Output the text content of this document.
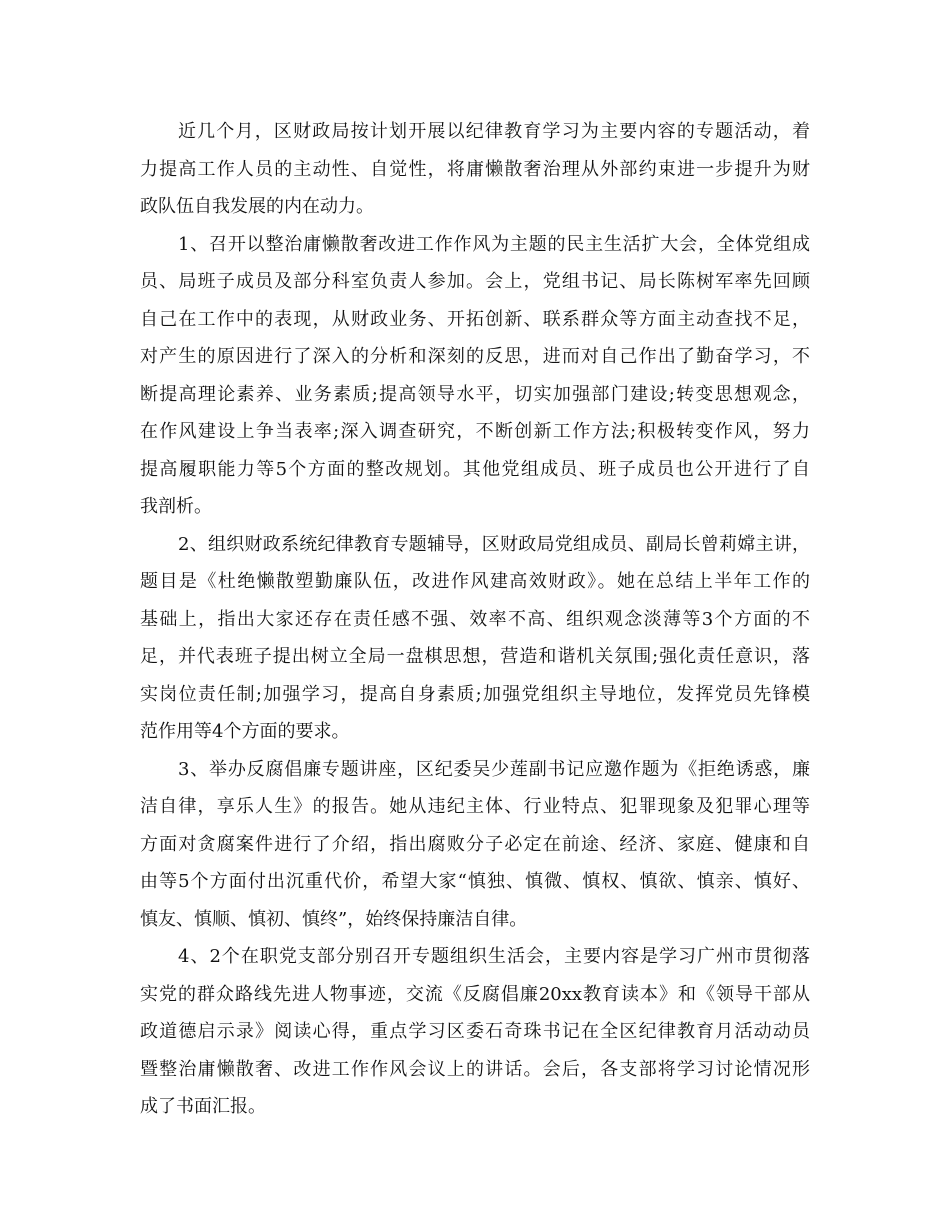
近几个月，区财政局按计划开展以纪律教育学习为主要内容的专题活动，着
力提高工作人员的主动性、自觉性，将庸懒散奢治理从外部约束进一步提升为财
政队伍自我发展的内在动力。
1、召开以整治庸懒散奢改进工作作风为主题的民主生活扩大会，全体党组成
员、局班子成员及部分科室负责人参加。会上，党组书记、局长陈树军率先回顾
自己在工作中的表现，从财政业务、开拓创新、联系群众等方面主动查找不足，
对产生的原因进行了深入的分析和深刻的反思，进而对自己作出了勤奋学习，不
断提高理论素养、业务素质;提高领导水平，切实加强部门建设;转变思想观念，
在作风建设上争当表率;深入调查研究，不断创新工作方法;积极转变作风，努力
提高履职能力等5个方面的整改规划。其他党组成员、班子成员也公开进行了自
我剖析。
2、组织财政系统纪律教育专题辅导，区财政局党组成员、副局长曾莉嫦主讲，
题目是《杜绝懒散塑勤廉队伍，改进作风建高效财政》。她在总结上半年工作的
基础上，指出大家还存在责任感不强、效率不高、组织观念淡薄等3个方面的不
足，并代表班子提出树立全局一盘棋思想，营造和谐机关氛围;强化责任意识，落
实岗位责任制;加强学习，提高自身素质;加强党组织主导地位，发挥党员先锋模
范作用等4个方面的要求。
3、举办反腐倡廉专题讲座，区纪委吴少莲副书记应邀作题为《拒绝诱惑，廉
洁自律，享乐人生》的报告。她从违纪主体、行业特点、犯罪现象及犯罪心理等
方面对贪腐案件进行了介绍，指出腐败分子必定在前途、经济、家庭、健康和自
由等5个方面付出沉重代价，希望大家“慎独、慎微、慎权、慎欲、慎亲、慎好、
慎友、慎顺、慎初、慎终”，始终保持廉洁自律。
4、2个在职党支部分别召开专题组织生活会，主要内容是学习广州市贯彻落
实党的群众路线先进人物事迹，交流《反腐倡廉20xx教育读本》和《领导干部从
政道德启示录》阅读心得，重点学习区委石奇珠书记在全区纪律教育月活动动员
暨整治庸懒散奢、改进工作作风会议上的讲话。会后，各支部将学习讨论情况形
成了书面汇报。
